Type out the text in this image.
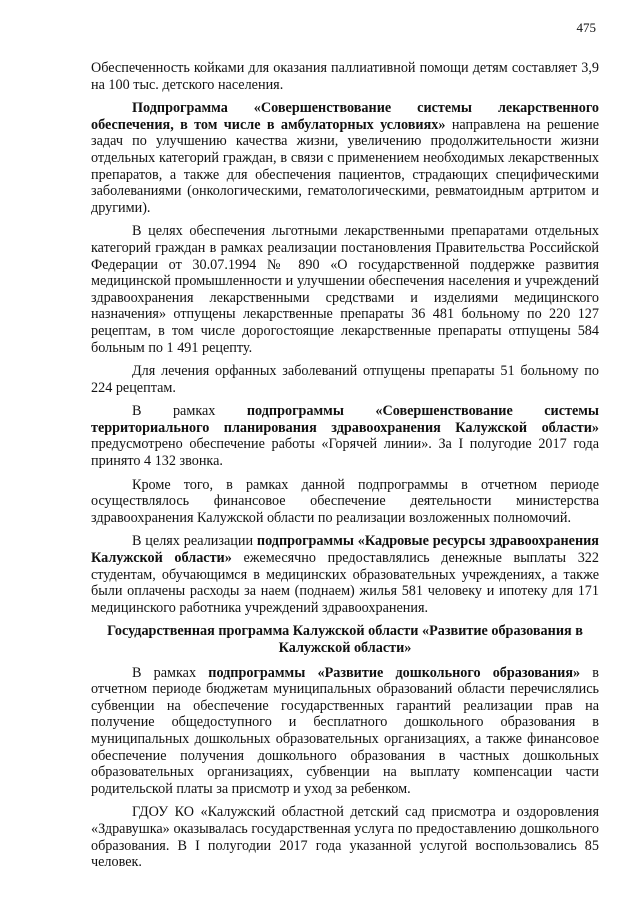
475

Обеспеченность койками для оказания паллиативной помощи детям составляет 3,9 на 100 тыс. детского населения.

Подпрограмма «Совершенствование системы лекарственного обеспечения, в том числе в амбулаторных условиях» направлена на решение задач по улучшению качества жизни, увеличению продолжительности жизни отдельных категорий граждан, в связи с применением необходимых лекарственных препаратов, а также для обеспечения пациентов, страдающих специфическими заболеваниями (онкологическими, гематологическими, ревматоидным артритом и другими).

В целях обеспечения льготными лекарственными препаратами отдельных категорий граждан в рамках реализации постановления Правительства Российской Федерации от 30.07.1994 № 890 «О государственной поддержке развития медицинской промышленности и улучшении обеспечения населения и учреждений здравоохранения лекарственными средствами и изделиями медицинского назначения» отпущены лекарственные препараты 36 481 больному по 220 127 рецептам, в том числе дорогостоящие лекарственные препараты отпущены 584 больным по 1 491 рецепту.

Для лечения орфанных заболеваний отпущены препараты 51 больному по 224 рецептам.

В рамках подпрограммы «Совершенствование системы территориального планирования здравоохранения Калужской области» предусмотрено обеспечение работы «Горячей линии». За I полугодие 2017 года принято 4 132 звонка.

Кроме того, в рамках данной подпрограммы в отчетном периоде осуществлялось финансовое обеспечение деятельности министерства здравоохранения Калужской области по реализации возложенных полномочий.

В целях реализации подпрограммы «Кадровые ресурсы здравоохранения Калужской области» ежемесячно предоставлялись денежные выплаты 322 студентам, обучающимся в медицинских образовательных учреждениях, а также были оплачены расходы за наем (поднаем) жилья 581 человеку и ипотеку для 171 медицинского работника учреждений здравоохранения.

Государственная программа Калужской области «Развитие образования в Калужской области»

В рамках подпрограммы «Развитие дошкольного образования» в отчетном периоде бюджетам муниципальных образований области перечислялись субвенции на обеспечение государственных гарантий реализации прав на получение общедоступного и бесплатного дошкольного образования в муниципальных дошкольных образовательных организациях, а также финансовое обеспечение получения дошкольного образования в частных дошкольных образовательных организациях, субвенции на выплату компенсации части родительской платы за присмотр и уход за ребенком.

ГДОУ КО «Калужский областной детский сад присмотра и оздоровления «Здравушка» оказывалась государственная услуга по предоставлению дошкольного образования. В I полугодии 2017 года указанной услугой воспользовались 85 человек.
